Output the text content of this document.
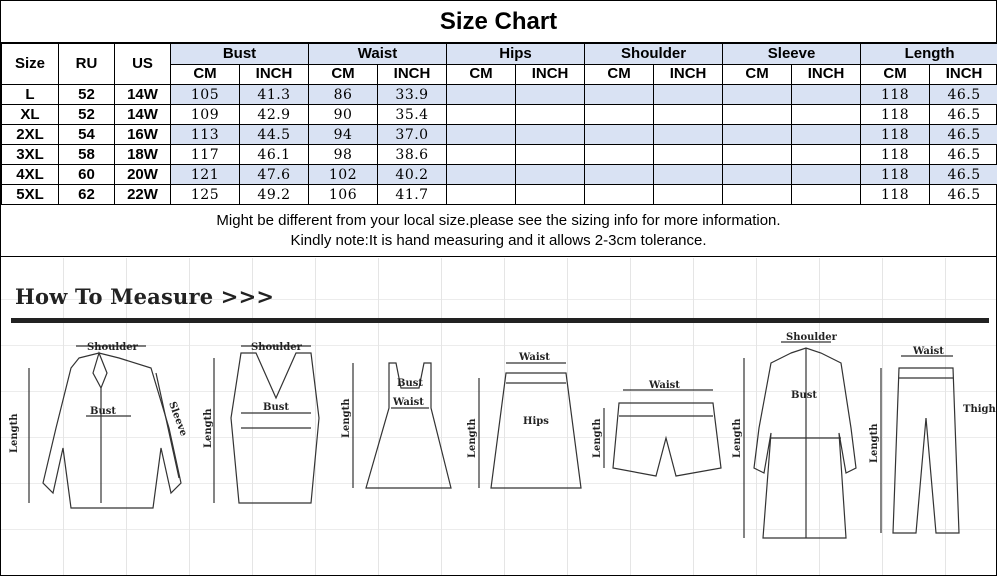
Size Chart
Size	RU	US	Bust		Waist		Hips		Shoulder		Sleeve		Length	
			CM	INCH	CM	INCH	CM	INCH	CM	INCH	CM	INCH	CM	INCH
L	52	14W	105	41.3	86	33.9							118	46.5
XL	52	14W	109	42.9	90	35.4							118	46.5
2XL	54	16W	113	44.5	94	37.0							118	46.5
3XL	58	18W	117	46.1	98	38.6							118	46.5
4XL	60	20W	121	47.6	102	40.2							118	46.5
5XL	62	22W	125	49.2	106	41.7							118	46.5
Might be different from your local size.please see the sizing info for more information.
Kindly note:It is hand measuring and it allows 2-3cm tolerance.
How To Measure >>>
Shoulder
Bust
Length	Sleeve
Shoulder
Bust
Length
Bust
Waist
Length
Waist
Hips
Length
Waist
Length
Shoulder
Bust
Length
Waist
Thigh
Length
